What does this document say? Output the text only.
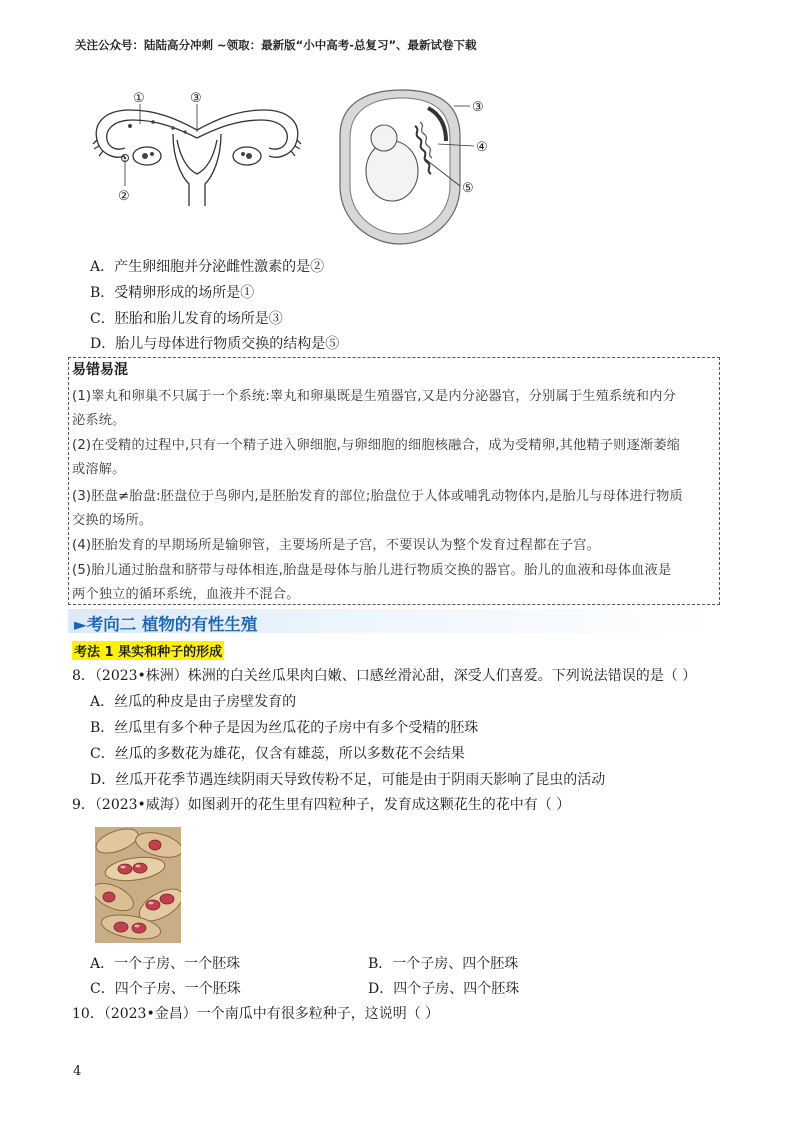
关注公众号：陆陆高分冲刺 ~领取：最新版“小中高考-总复习”、最新试卷下载
①	③
②
③
④
⑤
A．产生卵细胞并分泌雌性激素的是②
B．受精卵形成的场所是①
C．胚胎和胎儿发育的场所是③
D．胎儿与母体进行物质交换的结构是⑤
易错易混
(1)睾丸和卵巢不只属于一个系统:睾丸和卵巢既是生殖器官,又是内分泌器官，分别属于生殖系统和内分
泌系统。
(2)在受精的过程中,只有一个精子进入卵细胞,与卵细胞的细胞核融合，成为受精卵,其他精子则逐渐萎缩
或溶解。
(3)胚盘≠胎盘:胚盘位于鸟卵内,是胚胎发育的部位;胎盘位于人体或哺乳动物体内,是胎儿与母体进行物质
交换的场所。
(4)胚胎发育的早期场所是输卵管，主要场所是子宫，不要误认为整个发育过程都在子宫。
(5)胎儿通过胎盘和脐带与母体相连,胎盘是母体与胎儿进行物质交换的器官。胎儿的血液和母体血液是
两个独立的循环系统，血液并不混合。
►考向二 植物的有性生殖
考法 1 果实和种子的形成
8．（2023•株洲）株洲的白关丝瓜果肉白嫩、口感丝滑沁甜，深受人们喜爱。下列说法错误的是（ ）
A．丝瓜的种皮是由子房壁发育的
B．丝瓜里有多个种子是因为丝瓜花的子房中有多个受精的胚珠
C．丝瓜的多数花为雄花，仅含有雄蕊，所以多数花不会结果
D．丝瓜开花季节遇连续阴雨天导致传粉不足，可能是由于阴雨天影响了昆虫的活动
9．（2023•威海）如图剥开的花生里有四粒种子，发育成这颗花生的花中有（ ）
A．一个子房、一个胚珠	B．一个子房、四个胚珠
C．四个子房、一个胚珠	D．四个子房、四个胚珠
10．（2023•金昌）一个南瓜中有很多粒种子，这说明（ ）
4
